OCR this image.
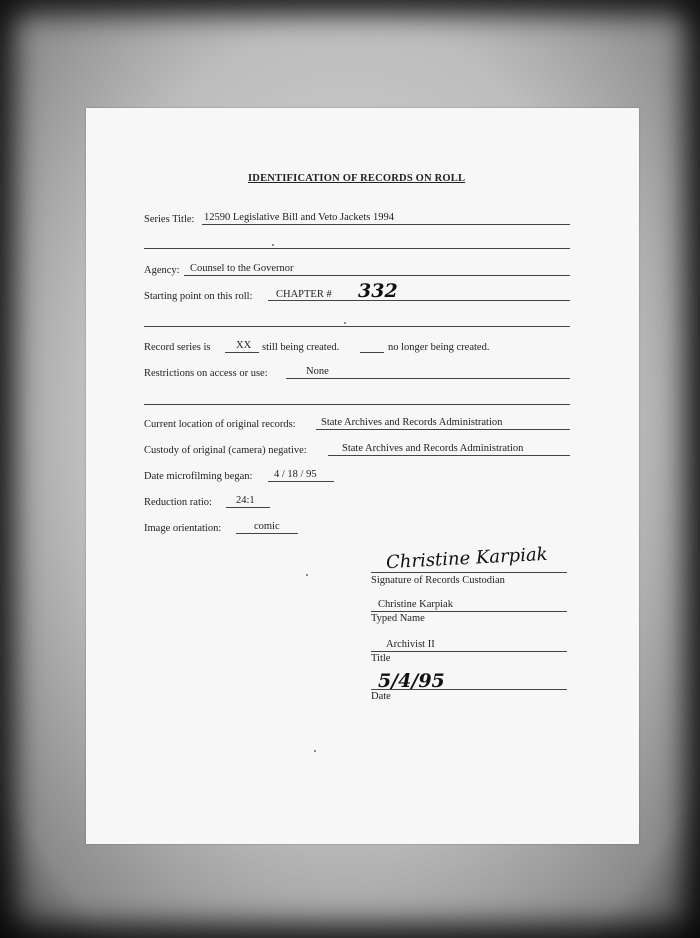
IDENTIFICATION OF RECORDS ON ROLL
Series Title: 12590 Legislative Bill and Veto Jackets 1994
Agency: Counsel to the Governor
Starting point on this roll: CHAPTER # 332
Record series is XX still being created.	no longer being created.
Restrictions on access or use:	None
Current location of original records: State Archives and Records Administration
Custody of original (camera) negative:	State Archives and Records Administration
Date microfilming began: 4 / 18 / 95
Reduction ratio: 24:1
Image orientation:	comic
Christine Karpiak
Signature of Records Custodian
Christine Karpiak
Typed Name
Archivist II
Title
5/4/95
Date
